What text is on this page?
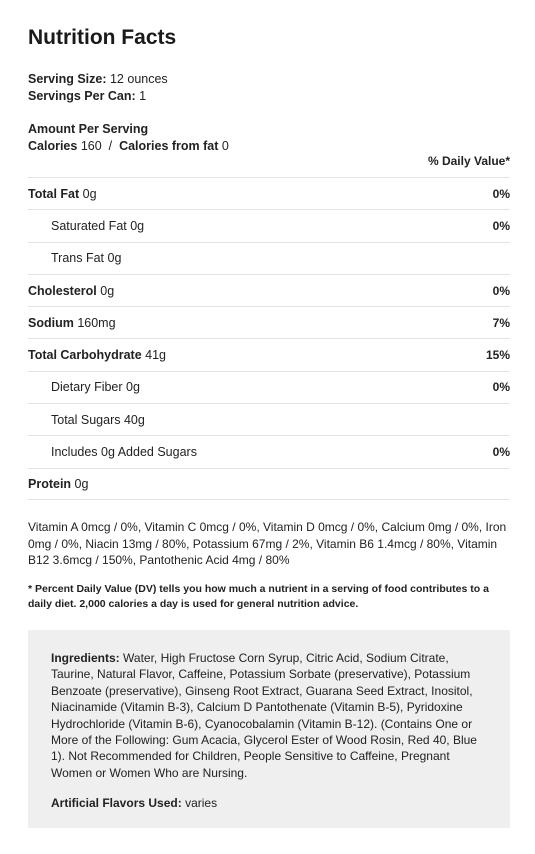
Nutrition Facts
Serving Size: 12 ounces
Servings Per Can: 1
Amount Per Serving
Calories 160 / Calories from fat 0
% Daily Value*
Total Fat 0g	0%
Saturated Fat 0g	0%
Trans Fat 0g
Cholesterol 0g	0%
Sodium 160mg	7%
Total Carbohydrate 41g	15%
Dietary Fiber 0g	0%
Total Sugars 40g
Includes 0g Added Sugars	0%
Protein 0g

Vitamin A 0mcg / 0%, Vitamin C 0mcg / 0%, Vitamin D 0mcg / 0%, Calcium 0mg / 0%, Iron 0mg / 0%, Niacin 13mg / 80%, Potassium 67mg / 2%, Vitamin B6 1.4mcg / 80%, Vitamin B12 3.6mcg / 150%, Pantothenic Acid 4mg / 80%

* Percent Daily Value (DV) tells you how much a nutrient in a serving of food contributes to a daily diet. 2,000 calories a day is used for general nutrition advice.

Ingredients: Water, High Fructose Corn Syrup, Citric Acid, Sodium Citrate, Taurine, Natural Flavor, Caffeine, Potassium Sorbate (preservative), Potassium Benzoate (preservative), Ginseng Root Extract, Guarana Seed Extract, Inositol, Niacinamide (Vitamin B-3), Calcium D Pantothenate (Vitamin B-5), Pyridoxine Hydrochloride (Vitamin B-6), Cyanocobalamin (Vitamin B-12). (Contains One or More of the Following: Gum Acacia, Glycerol Ester of Wood Rosin, Red 40, Blue 1). Not Recommended for Children, People Sensitive to Caffeine, Pregnant Women or Women Who are Nursing.

Artificial Flavors Used: varies
